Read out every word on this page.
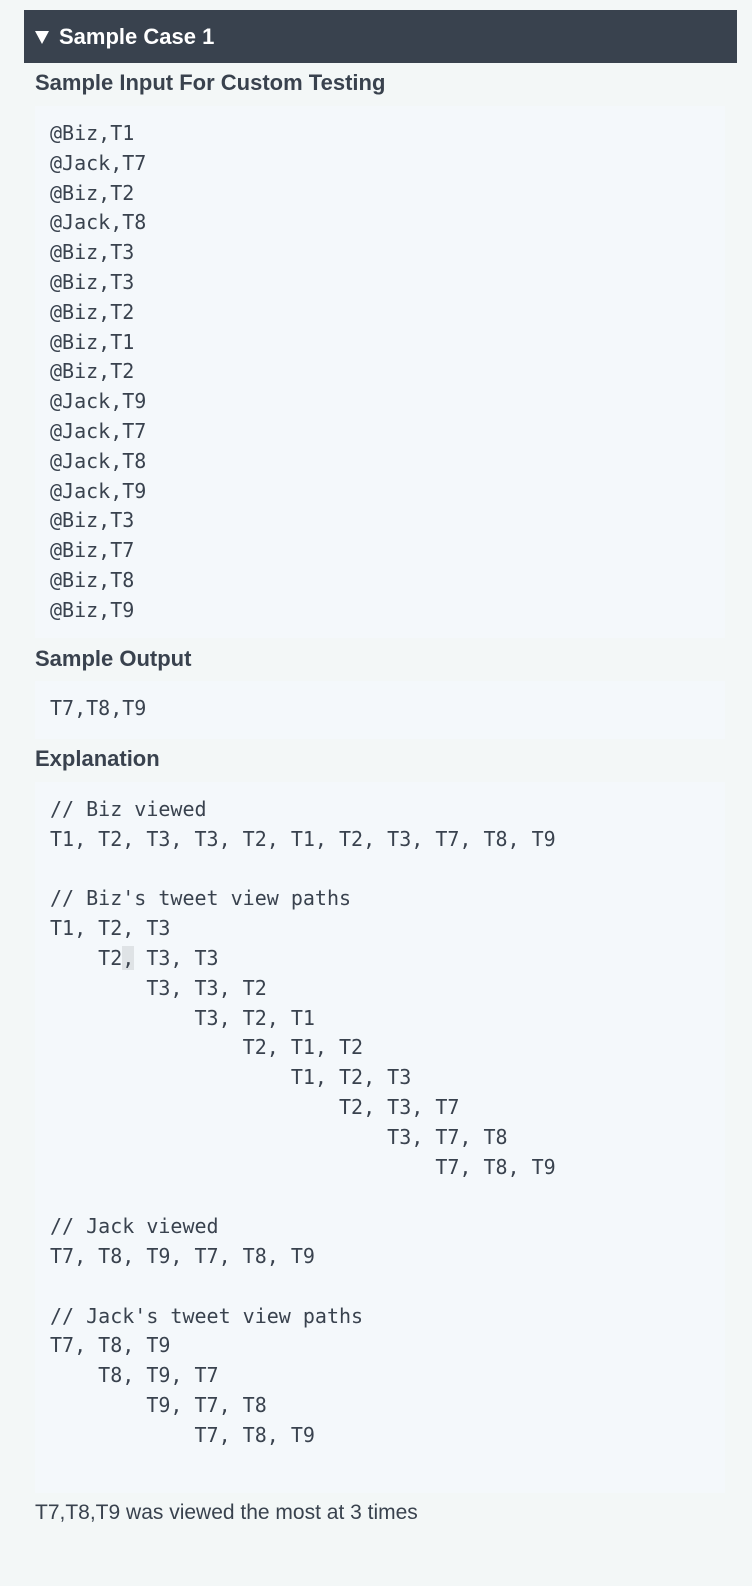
Sample Case 1
Sample Input For Custom Testing
@Biz,T1
@Jack,T7
@Biz,T2
@Jack,T8
@Biz,T3
@Biz,T3
@Biz,T2
@Biz,T1
@Biz,T2
@Jack,T9
@Jack,T7
@Jack,T8
@Jack,T9
@Biz,T3
@Biz,T7
@Biz,T8
@Biz,T9
Sample Output
T7,T8,T9
Explanation
// Biz viewed
T1, T2, T3, T3, T2, T1, T2, T3, T7, T8, T9
// Biz's tweet view paths
T1, T2, T3
T2, T3, T3
T3, T3, T2
T3, T2, T1
T2, T1, T2
T1, T2, T3
T2, T3, T7
T3, T7, T8
T7, T8, T9
// Jack viewed
T7, T8, T9, T7, T8, T9
// Jack's tweet view paths
T7, T8, T9
T8, T9, T7
T9, T7, T8
T7, T8, T9
T7,T8,T9 was viewed the most at 3 times
